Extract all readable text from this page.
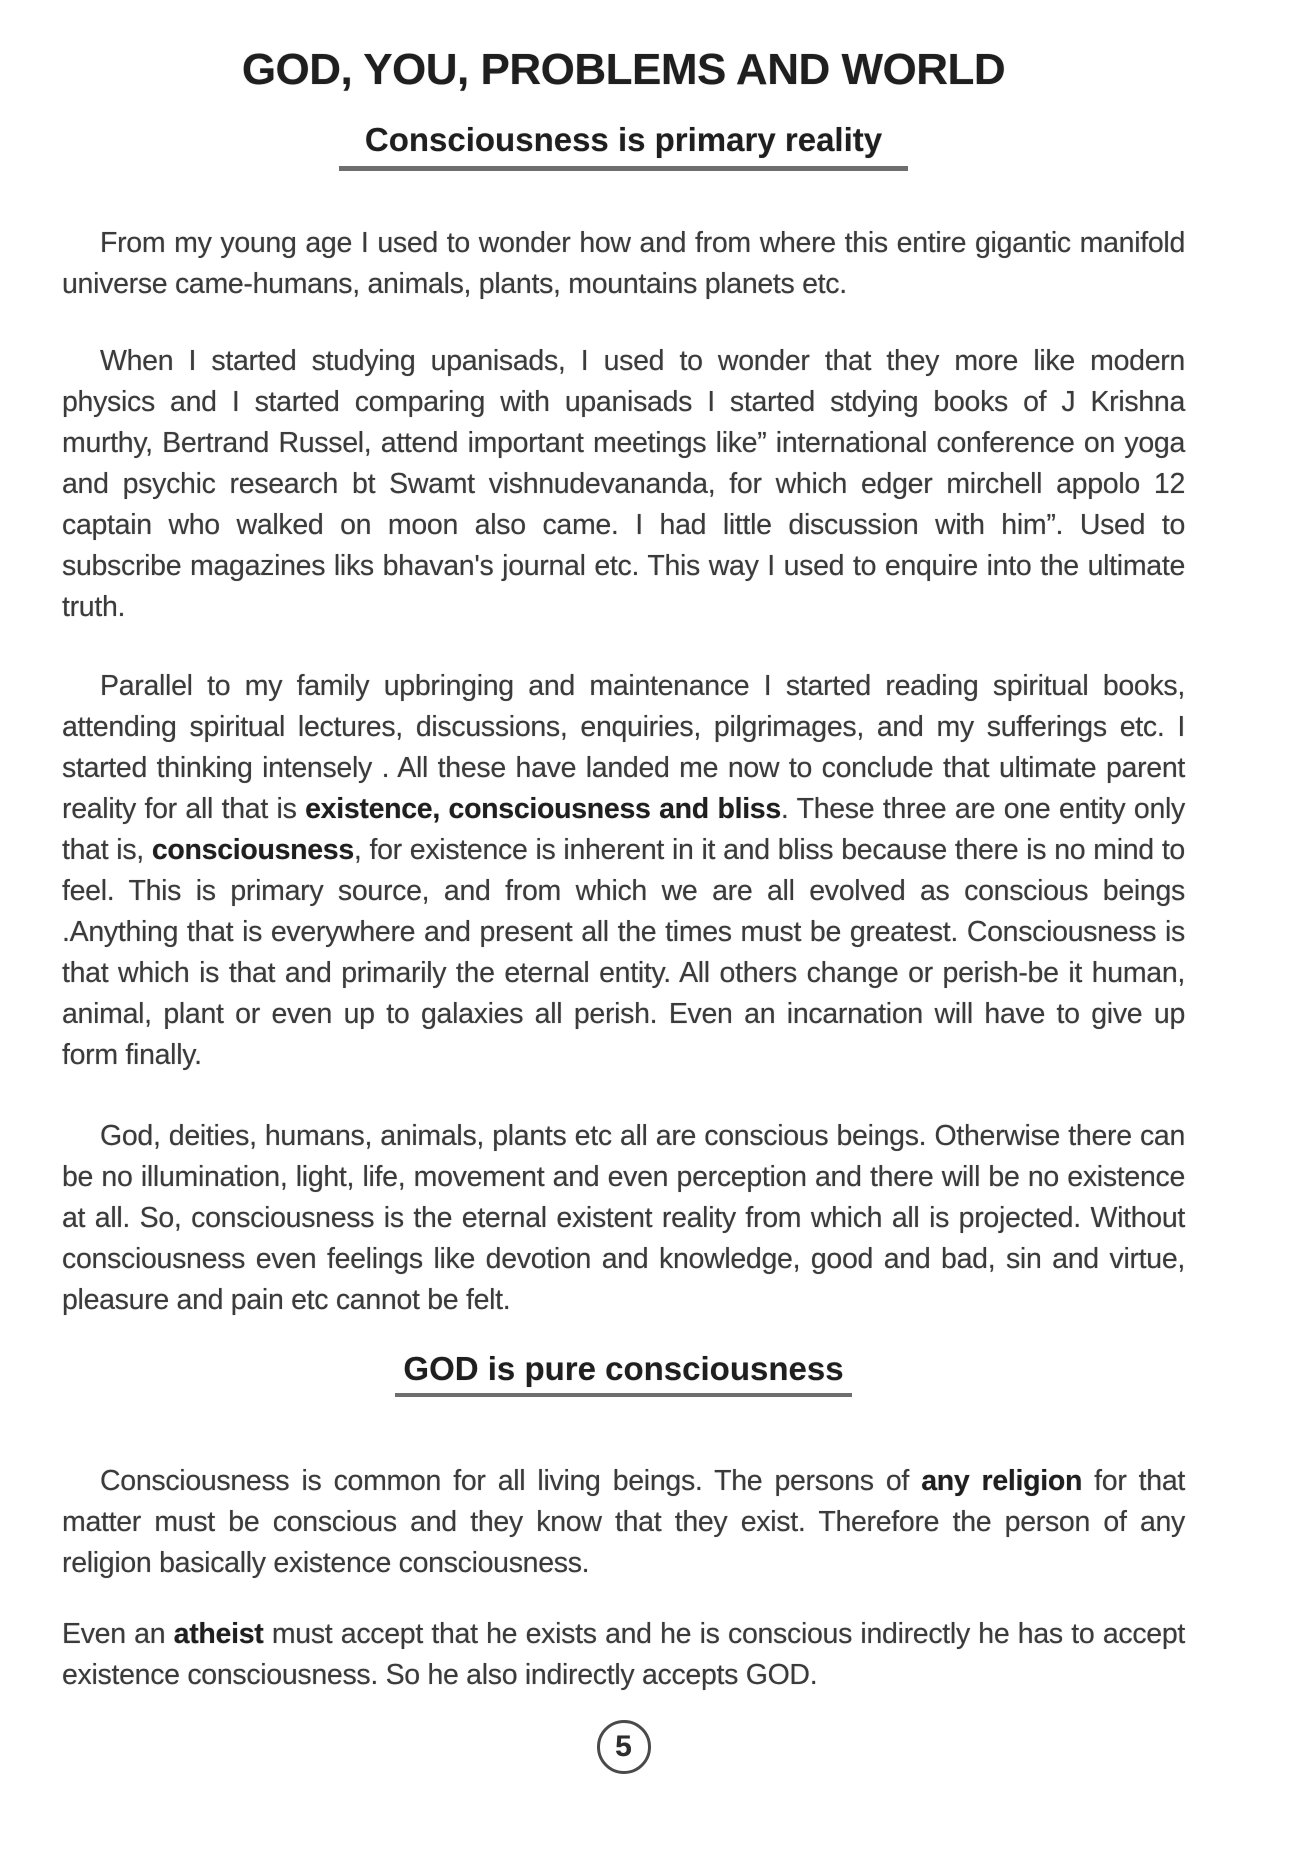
GOD, YOU, PROBLEMS AND WORLD
Consciousness is primary reality

From my young age I used to wonder how and from where this entire gigantic manifold universe came-humans, animals, plants, mountains planets etc.

When I started studying upanisads, I used to wonder that they more like modern physics and I started comparing with upanisads I started stdying books of J Krishna murthy, Bertrand Russel, attend important meetings like” international conference on yoga and psychic research bt Swamt vishnudevananda, for which edger mirchell appolo 12 captain who walked on moon also came. I had little discussion with him”. Used to subscribe magazines liks bhavan's journal etc. This way I used to enquire into the ultimate truth.

Parallel to my family upbringing and maintenance I started reading spiritual books, attending spiritual lectures, discussions, enquiries, pilgrimages, and my sufferings etc. I started thinking intensely . All these have landed me now to conclude that ultimate parent reality for all that is existence, consciousness and bliss. These three are one entity only that is, consciousness, for existence is inherent in it and bliss because there is no mind to feel. This is primary source, and from which we are all evolved as conscious beings .Anything that is everywhere and present all the times must be greatest. Consciousness is that which is that and primarily the eternal entity. All others change or perish-be it human, animal, plant or even up to galaxies all perish. Even an incarnation will have to give up form finally.

God, deities, humans, animals, plants etc all are conscious beings. Otherwise there can be no illumination, light, life, movement and even perception and there will be no existence at all. So, consciousness is the eternal existent reality from which all is projected. Without consciousness even feelings like devotion and knowledge, good and bad, sin and virtue, pleasure and pain etc cannot be felt.

GOD is pure consciousness

Consciousness is common for all living beings. The persons of any religion for that matter must be conscious and they know that they exist. Therefore the person of any religion basically existence consciousness.

Even an atheist must accept that he exists and he is conscious indirectly he has to accept existence consciousness. So he also indirectly accepts GOD.

5
